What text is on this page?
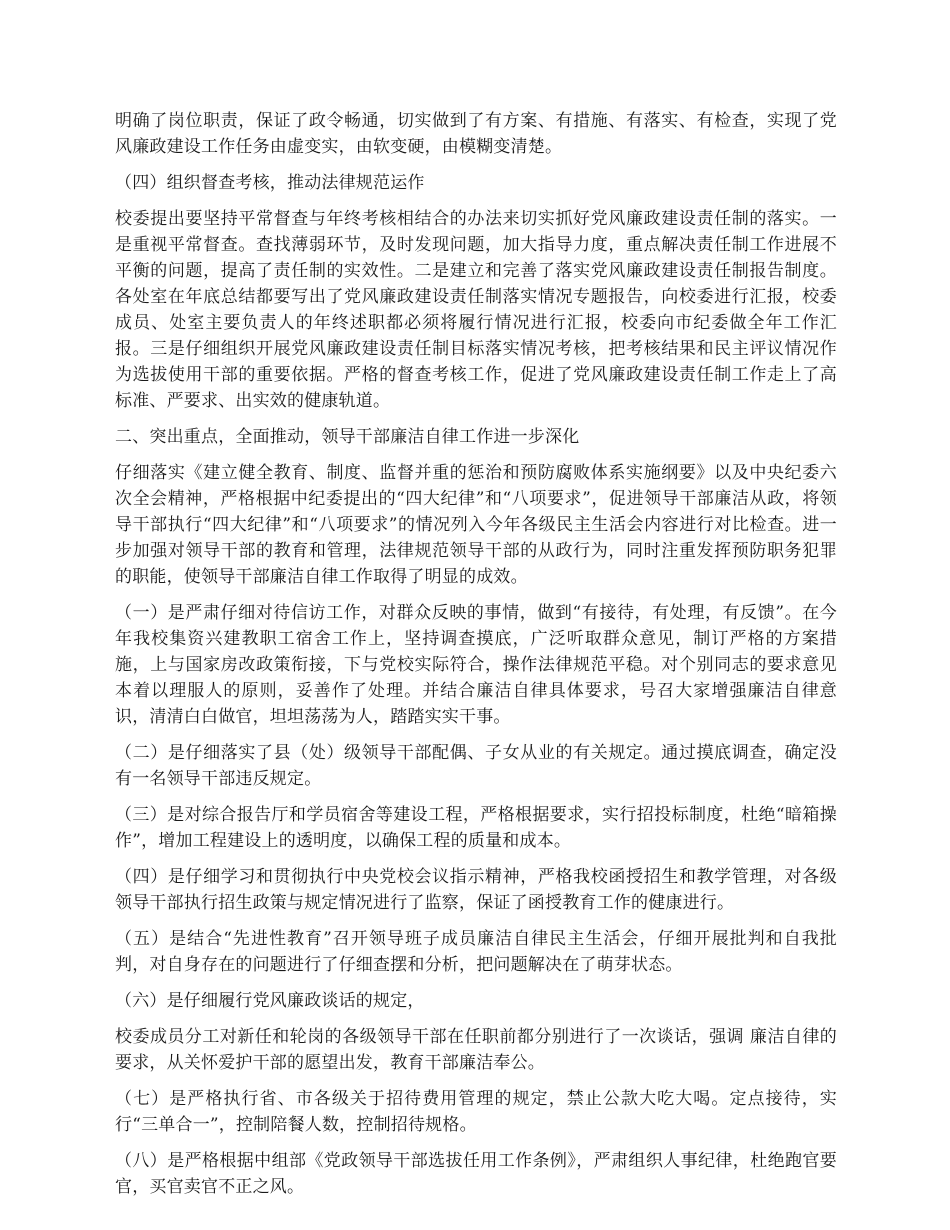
明确了岗位职责，保证了政令畅通，切实做到了有方案、有措施、有落实、有检查，实现了党风廉政建设工作任务由虚变实，由软变硬，由模糊变清楚。

（四）组织督查考核，推动法律规范运作

校委提出要坚持平常督查与年终考核相结合的办法来切实抓好党风廉政建设责任制的落实。一是重视平常督查。查找薄弱环节，及时发现问题，加大指导力度，重点解决责任制工作进展不平衡的问题，提高了责任制的实效性。二是建立和完善了落实党风廉政建设责任制报告制度。各处室在年底总结都要写出了党风廉政建设责任制落实情况专题报告，向校委进行汇报，校委成员、处室主要负责人的年终述职都必须将履行情况进行汇报，校委向市纪委做全年工作汇报。三是仔细组织开展党风廉政建设责任制目标落实情况考核，把考核结果和民主评议情况作为选拔使用干部的重要依据。严格的督查考核工作，促进了党风廉政建设责任制工作走上了高标准、严要求、出实效的健康轨道。

二、突出重点，全面推动，领导干部廉洁自律工作进一步深化

仔细落实《建立健全教育、制度、监督并重的惩治和预防腐败体系实施纲要》以及中央纪委六次全会精神，严格根据中纪委提出的“四大纪律”和“八项要求”，促进领导干部廉洁从政，将领导干部执行“四大纪律”和“八项要求”的情况列入今年各级民主生活会内容进行对比检查。进一步加强对领导干部的教育和管理，法律规范领导干部的从政行为，同时注重发挥预防职务犯罪的职能，使领导干部廉洁自律工作取得了明显的成效。

（一）是严肃仔细对待信访工作，对群众反映的事情，做到“有接待，有处理，有反馈”。在今年我校集资兴建教职工宿舍工作上，坚持调查摸底，广泛听取群众意见，制订严格的方案措施，上与国家房改政策衔接，下与党校实际符合，操作法律规范平稳。对个别同志的要求意见本着以理服人的原则，妥善作了处理。并结合廉洁自律具体要求，号召大家增强廉洁自律意识，清清白白做官，坦坦荡荡为人，踏踏实实干事。

（二）是仔细落实了县（处）级领导干部配偶、子女从业的有关规定。通过摸底调查，确定没有一名领导干部违反规定。

（三）是对综合报告厅和学员宿舍等建设工程，严格根据要求，实行招投标制度，杜绝“暗箱操作”，增加工程建设上的透明度，以确保工程的质量和成本。

（四）是仔细学习和贯彻执行中央党校会议指示精神，严格我校函授招生和教学管理，对各级领导干部执行招生政策与规定情况进行了监察，保证了函授教育工作的健康进行。

（五）是结合“先进性教育”召开领导班子成员廉洁自律民主生活会，仔细开展批判和自我批判，对自身存在的问题进行了仔细查摆和分析，把问题解决在了萌芽状态。

（六）是仔细履行党风廉政谈话的规定，

校委成员分工对新任和轮岗的各级领导干部在任职前都分别进行了一次谈话，强调 廉洁自律的要求，从关怀爱护干部的愿望出发，教育干部廉洁奉公。

（七）是严格执行省、市各级关于招待费用管理的规定，禁止公款大吃大喝。定点接待，实行“三单合一”，控制陪餐人数，控制招待规格。

（八）是严格根据中组部《党政领导干部选拔任用工作条例》，严肃组织人事纪律，杜绝跑官要官，买官卖官不正之风。
